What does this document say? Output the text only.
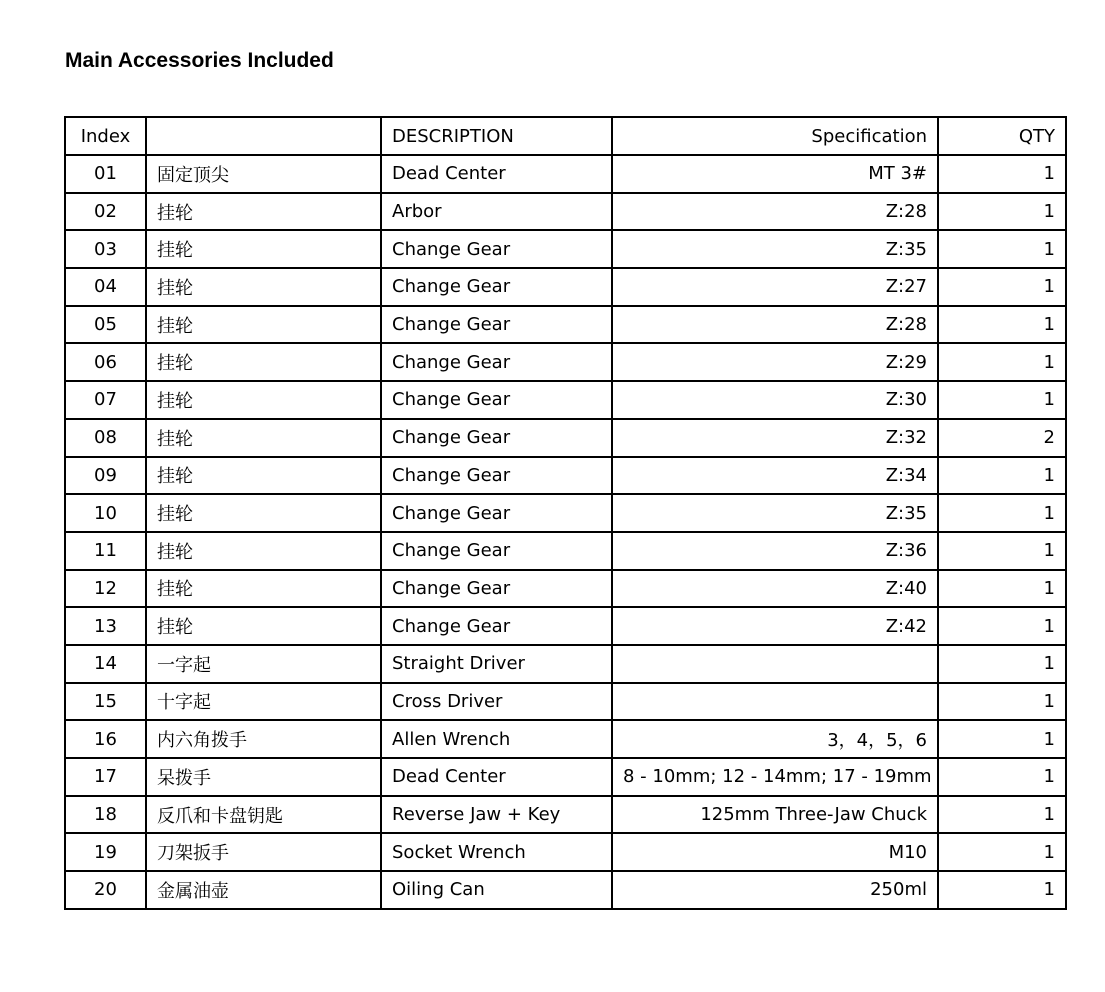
Main Accessories Included
Index		DESCRIPTION	Specification	QTY
01	固定顶尖	Dead Center	MT 3#	1
02	挂轮	Arbor	Z:28	1
03	挂轮	Change Gear	Z:35	1
04	挂轮	Change Gear	Z:27	1
05	挂轮	Change Gear	Z:28	1
06	挂轮	Change Gear	Z:29	1
07	挂轮	Change Gear	Z:30	1
08	挂轮	Change Gear	Z:32	2
09	挂轮	Change Gear	Z:34	1
10	挂轮	Change Gear	Z:35	1
11	挂轮	Change Gear	Z:36	1
12	挂轮	Change Gear	Z:40	1
13	挂轮	Change Gear	Z:42	1
14	一字起	Straight Driver		1
15	十字起	Cross Driver		1
16	内六角拨手	Allen Wrench	3，4，5，6	1
17	呆拨手	Dead Center	8 - 10mm; 12 - 14mm; 17 - 19mm	1
18	反爪和卡盘钥匙	Reverse Jaw + Key	125mm Three-Jaw Chuck	1
19	刀架扳手	Socket Wrench	M10	1
20	金属油壶	Oiling Can	250ml	1
